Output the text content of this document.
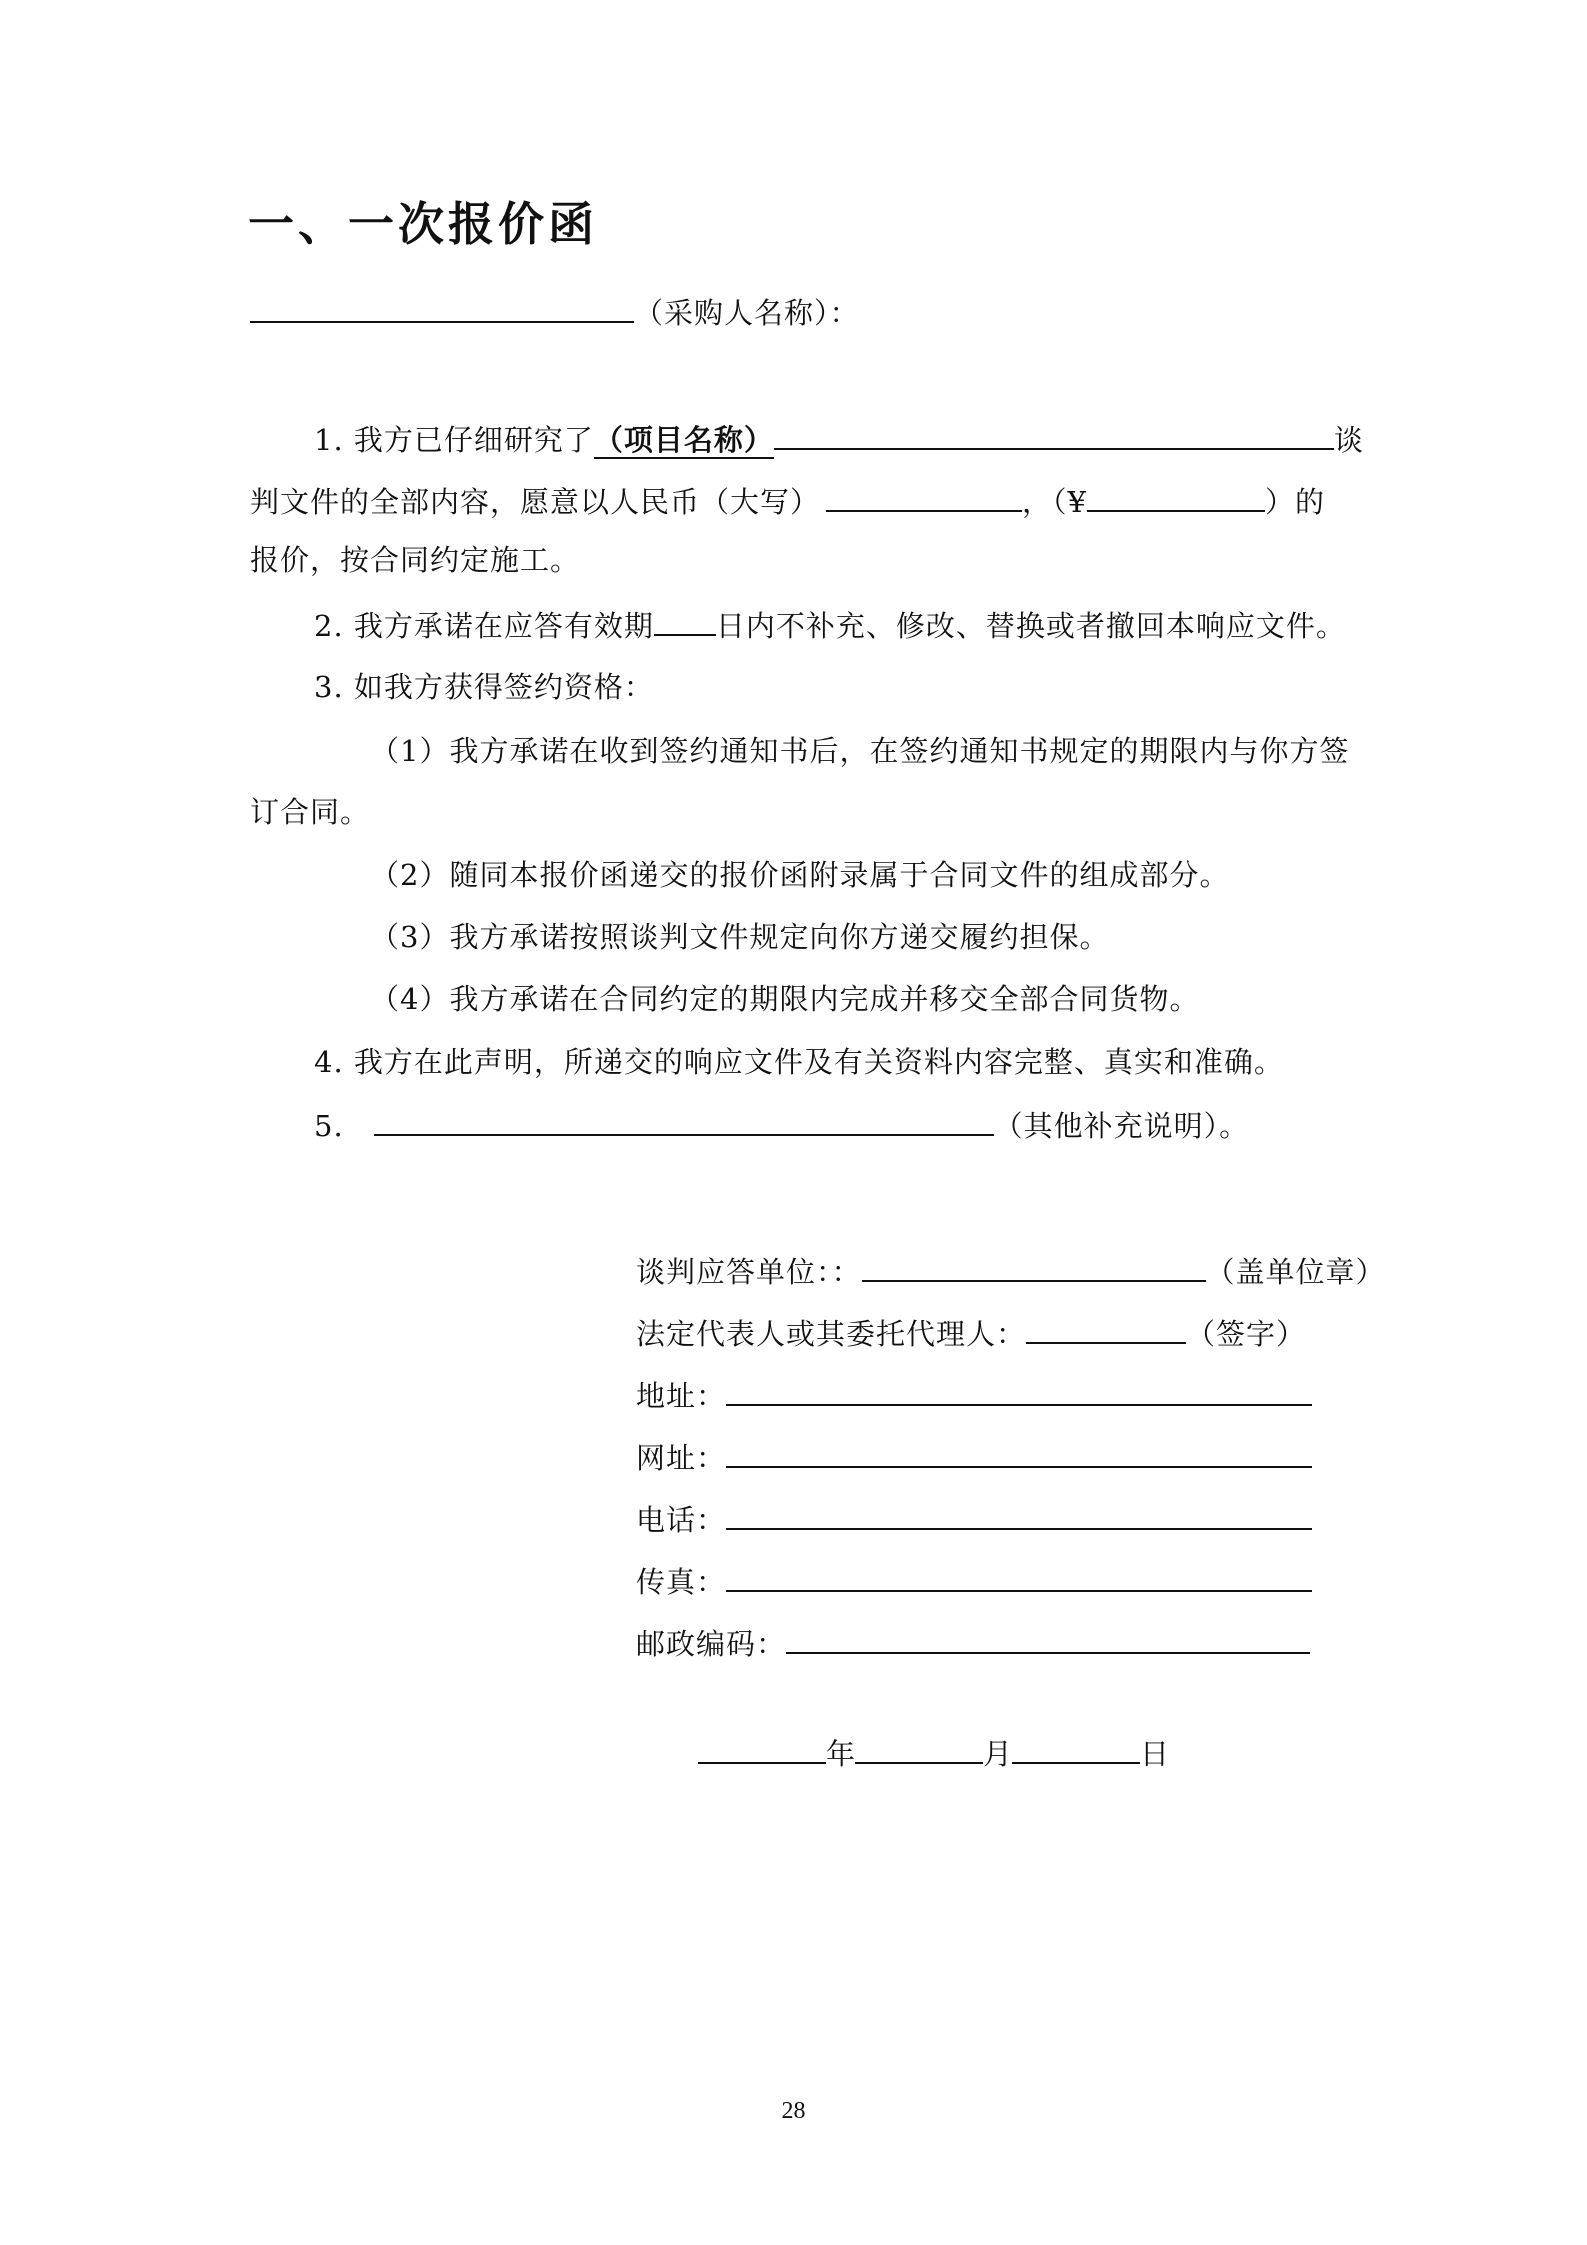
一、一次报价函
（采购人名称）：
1. 我方已仔细研究了（项目名称）	谈
判文件的全部内容，愿意以人民币（大写）	，（¥	）的
报价，按合同约定施工。
2. 我方承诺在应答有效期 日内不补充、修改、替换或者撤回本响应文件。
3. 如我方获得签约资格：
（1）我方承诺在收到签约通知书后，在签约通知书规定的期限内与你方签
订合同。
（2）随同本报价函递交的报价函附录属于合同文件的组成部分。
（3）我方承诺按照谈判文件规定向你方递交履约担保。
（4）我方承诺在合同约定的期限内完成并移交全部合同货物。
4. 我方在此声明，所递交的响应文件及有关资料内容完整、真实和准确。
5.	（其他补充说明）。
谈判应答单位：：	（盖单位章）
法定代表人或其委托代理人：	（签字）
地址：
网址：
电话：
传真：
邮政编码：
年	月	日
28
